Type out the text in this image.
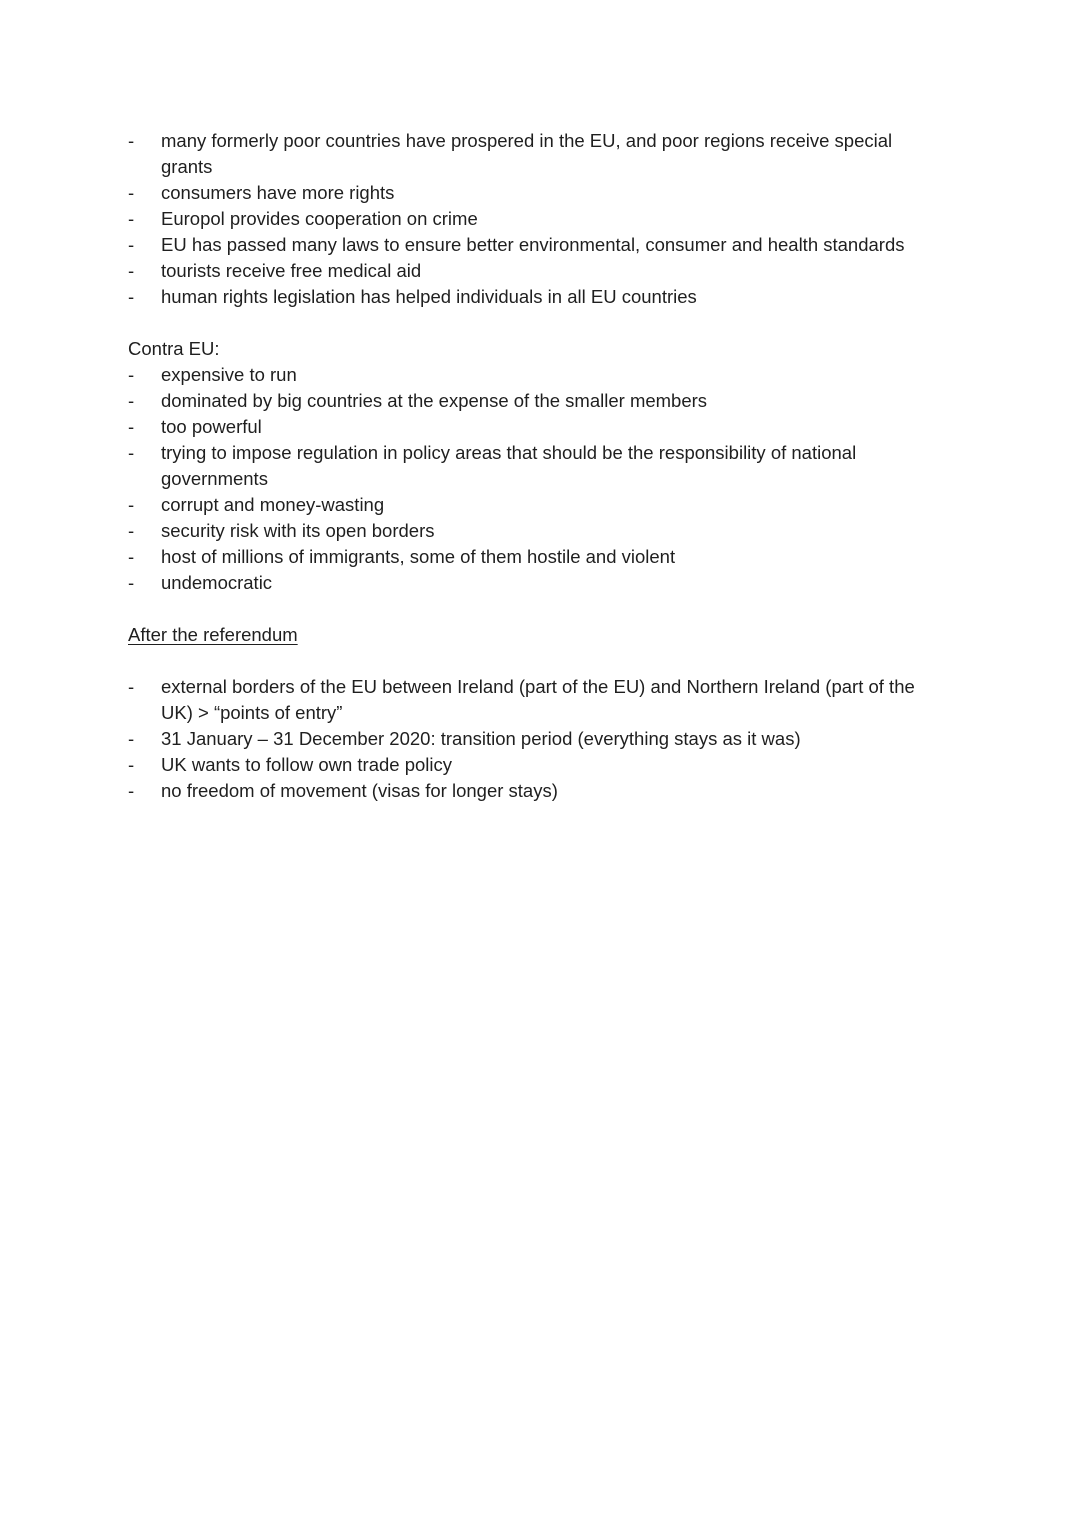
- many formerly poor countries have prospered in the EU, and poor regions receive special grants
- consumers have more rights
- Europol provides cooperation on crime
- EU has passed many laws to ensure better environmental, consumer and health standards
- tourists receive free medical aid
- human rights legislation has helped individuals in all EU countries

Contra EU:

- expensive to run
- dominated by big countries at the expense of the smaller members
- too powerful
- trying to impose regulation in policy areas that should be the responsibility of national governments
- corrupt and money-wasting
- security risk with its open borders
- host of millions of immigrants, some of them hostile and violent
- undemocratic

After the referendum

- external borders of the EU between Ireland (part of the EU) and Northern Ireland (part of the UK) > “points of entry”
- 31 January – 31 December 2020: transition period (everything stays as it was)
- UK wants to follow own trade policy
- no freedom of movement (visas for longer stays)
